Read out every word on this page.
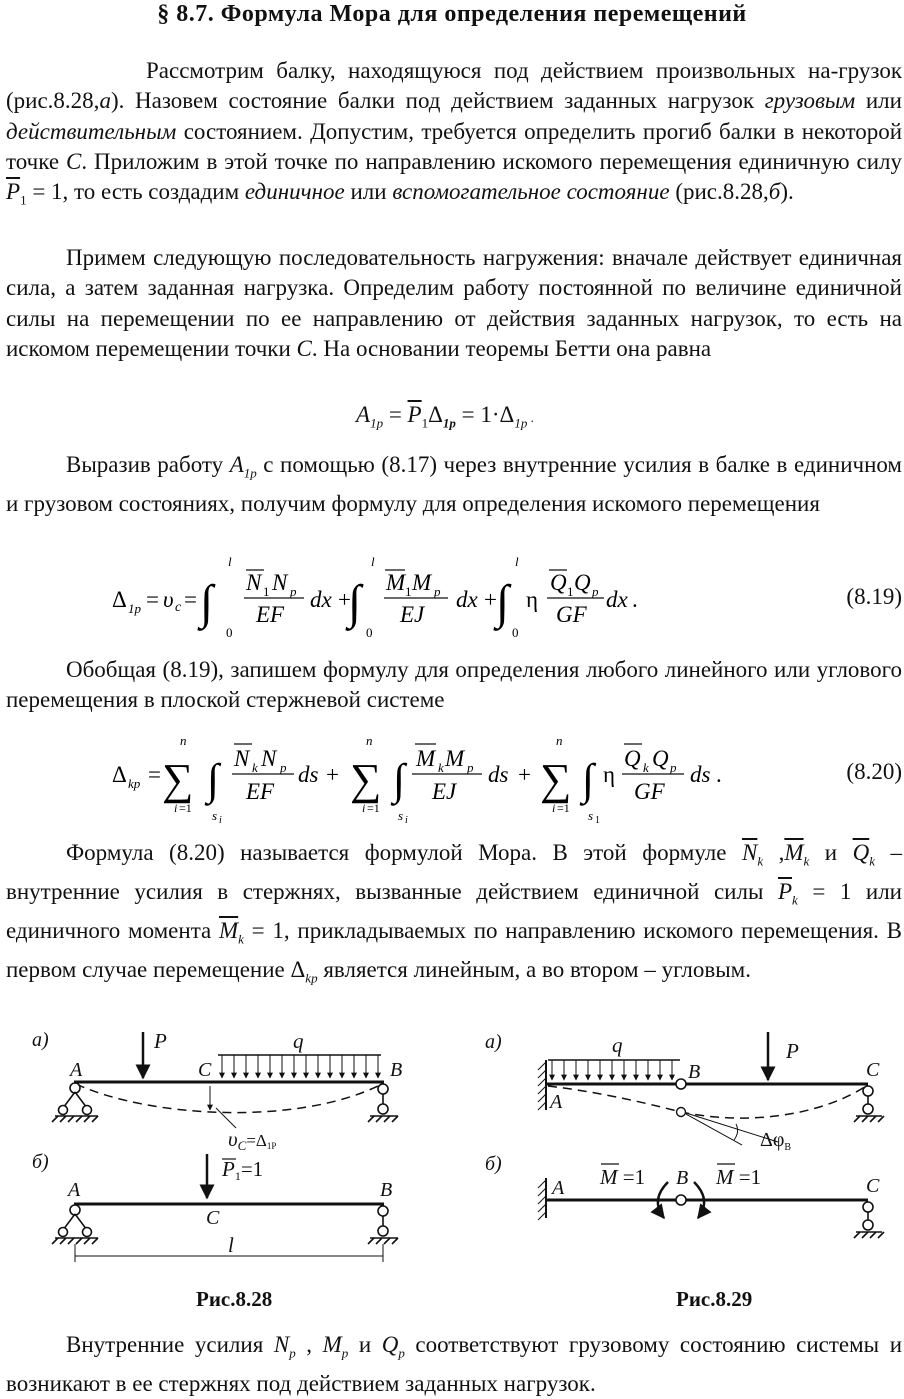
§ 8.7. Формула Мора для определения перемещений

Рассмотрим балку, находящуюся под действием произвольных на-грузок (рис.8.28,а). Назовем состояние балки под действием заданных нагрузок грузовым или действительным состоянием. Допустим, требуется определить прогиб балки в некоторой точке С. Приложим в этой точке по направлению искомого перемещения единичную силу $\overline{P}_1 = 1$, то есть создадим единичное или вспомогательное состояние (рис.8.28,б).

Примем следующую последовательность нагружения: вначале действует единичная сила, а затем заданная нагрузка. Определим работу постоянной по величине единичной силы на перемещении по ее направлению от действия заданных нагрузок, то есть на искомом перемещении точки С. На основании теоремы Бетти она равна

$A_{1p} = \overline{P}_1\Delta_{1p} = 1\cdot\Delta_{1p}$ .

Выразив работу $A_{1p}$ с помощью (8.17) через внутренние усилия в балке в единичном и грузовом состояниях, получим формулу для определения искомого перемещения

Δ 1p = υ c = ∫
l
0
N 1 N p
EF
dx +
∫
l
0
M 1 M p
EJ
dx + ∫
l
0
η
Q 1 Q p
GF
dx .	(8.19)

Обобщая (8.19), запишем формулу для определения любого линейного или углового перемещения в плоской стержневой системе

Δ kp = ∑
n
i =1
∫
s i
N k N p
EF
ds + ∑
n
i =1
∫
s i
M k M p
EJ
ds + ∑
n
i =1
∫
s 1
η
Q k Q p
GF
ds .	(8.20)

Формула (8.20) называется формулой Мора. В этой формуле $\overline{N}_k$ $,\overline{M}_k$ и $\overline{Q}_k$ – внутренние усилия в стержнях, вызванные действием единичной силы $\overline{P}_k = 1$ или единичного момента $\overline{M}_k = 1$, прикладываемых по направлению искомого перемещения. В первом случае перемещение $\Delta_{kp}$ является линейным, а во втором – угловым.

а)	P	q
C
A	B
υC=Δ1P
б)	P1=1
A	B
C
l
Рис.8.28
а)	q
B
A
P
C
$\Delta\varphi_B$
б)
A	B	C
M =1	M =1
Рис.8.29

Внутренние усилия $N_p$ , $M_p$ и $Q_p$ соответствуют грузовому состоянию системы и возникают в ее стержнях под действием заданных нагрузок.
